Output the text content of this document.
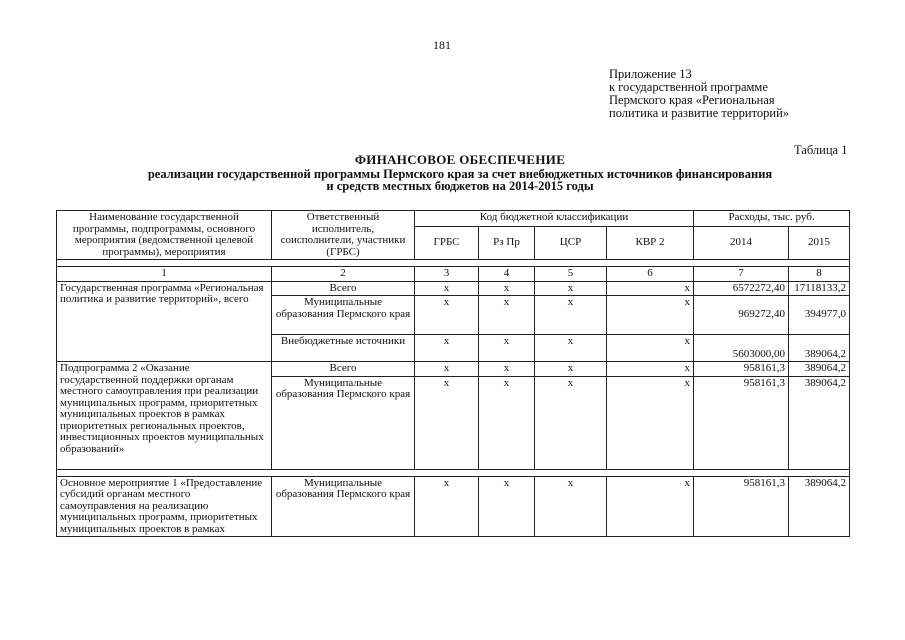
181
Приложение 13
к государственной программе
Пермского края «Региональная
политика и развитие территорий»
Таблица 1
ФИНАНСОВОЕ ОБЕСПЕЧЕНИЕ
реализации государственной программы Пермского края за счет внебюджетных источников финансирования
и средств местных бюджетов на 2014-2015 годы
Наименование государственной программы, подпрограммы, основного мероприятия (ведомственной целевой программы), мероприятия	Ответственный исполнитель, соисполнители, участники (ГРБС)	Код бюджетной классификации				Расходы, тыс. руб.	
		ГРБС	Рз Пр	ЦСР	КВР 2	2014	2015

1	2	3	4	5	6	7	8
Государственная программа «Региональная политика и развитие территорий», всего	Всего	х	х	х	х	6572272,40	17118133,2
	Муниципальные образования Пермского края	х	х	х	х	969272,40	394977,0
	Внебюджетные источники	х	х	х	х	5603000,00	389064,2
Подпрограмма 2 «Оказание государственной поддержки органам местного самоуправления при реализации муниципальных программ, приоритетных муниципальных проектов в рамках приоритетных региональных проектов, инвестиционных проектов муниципальных образований»	Всего	х	х	х	х	958161,3	389064,2
	Муниципальные образования Пермского края	х	х	х	х	958161,3	389064,2

Основное мероприятие 1 «Предоставление субсидий органам местного самоуправления на реализацию муниципальных программ, приоритетных муниципальных проектов в рамках	Муниципальные образования Пермского края	х	х	х	х	958161,3	389064,2
